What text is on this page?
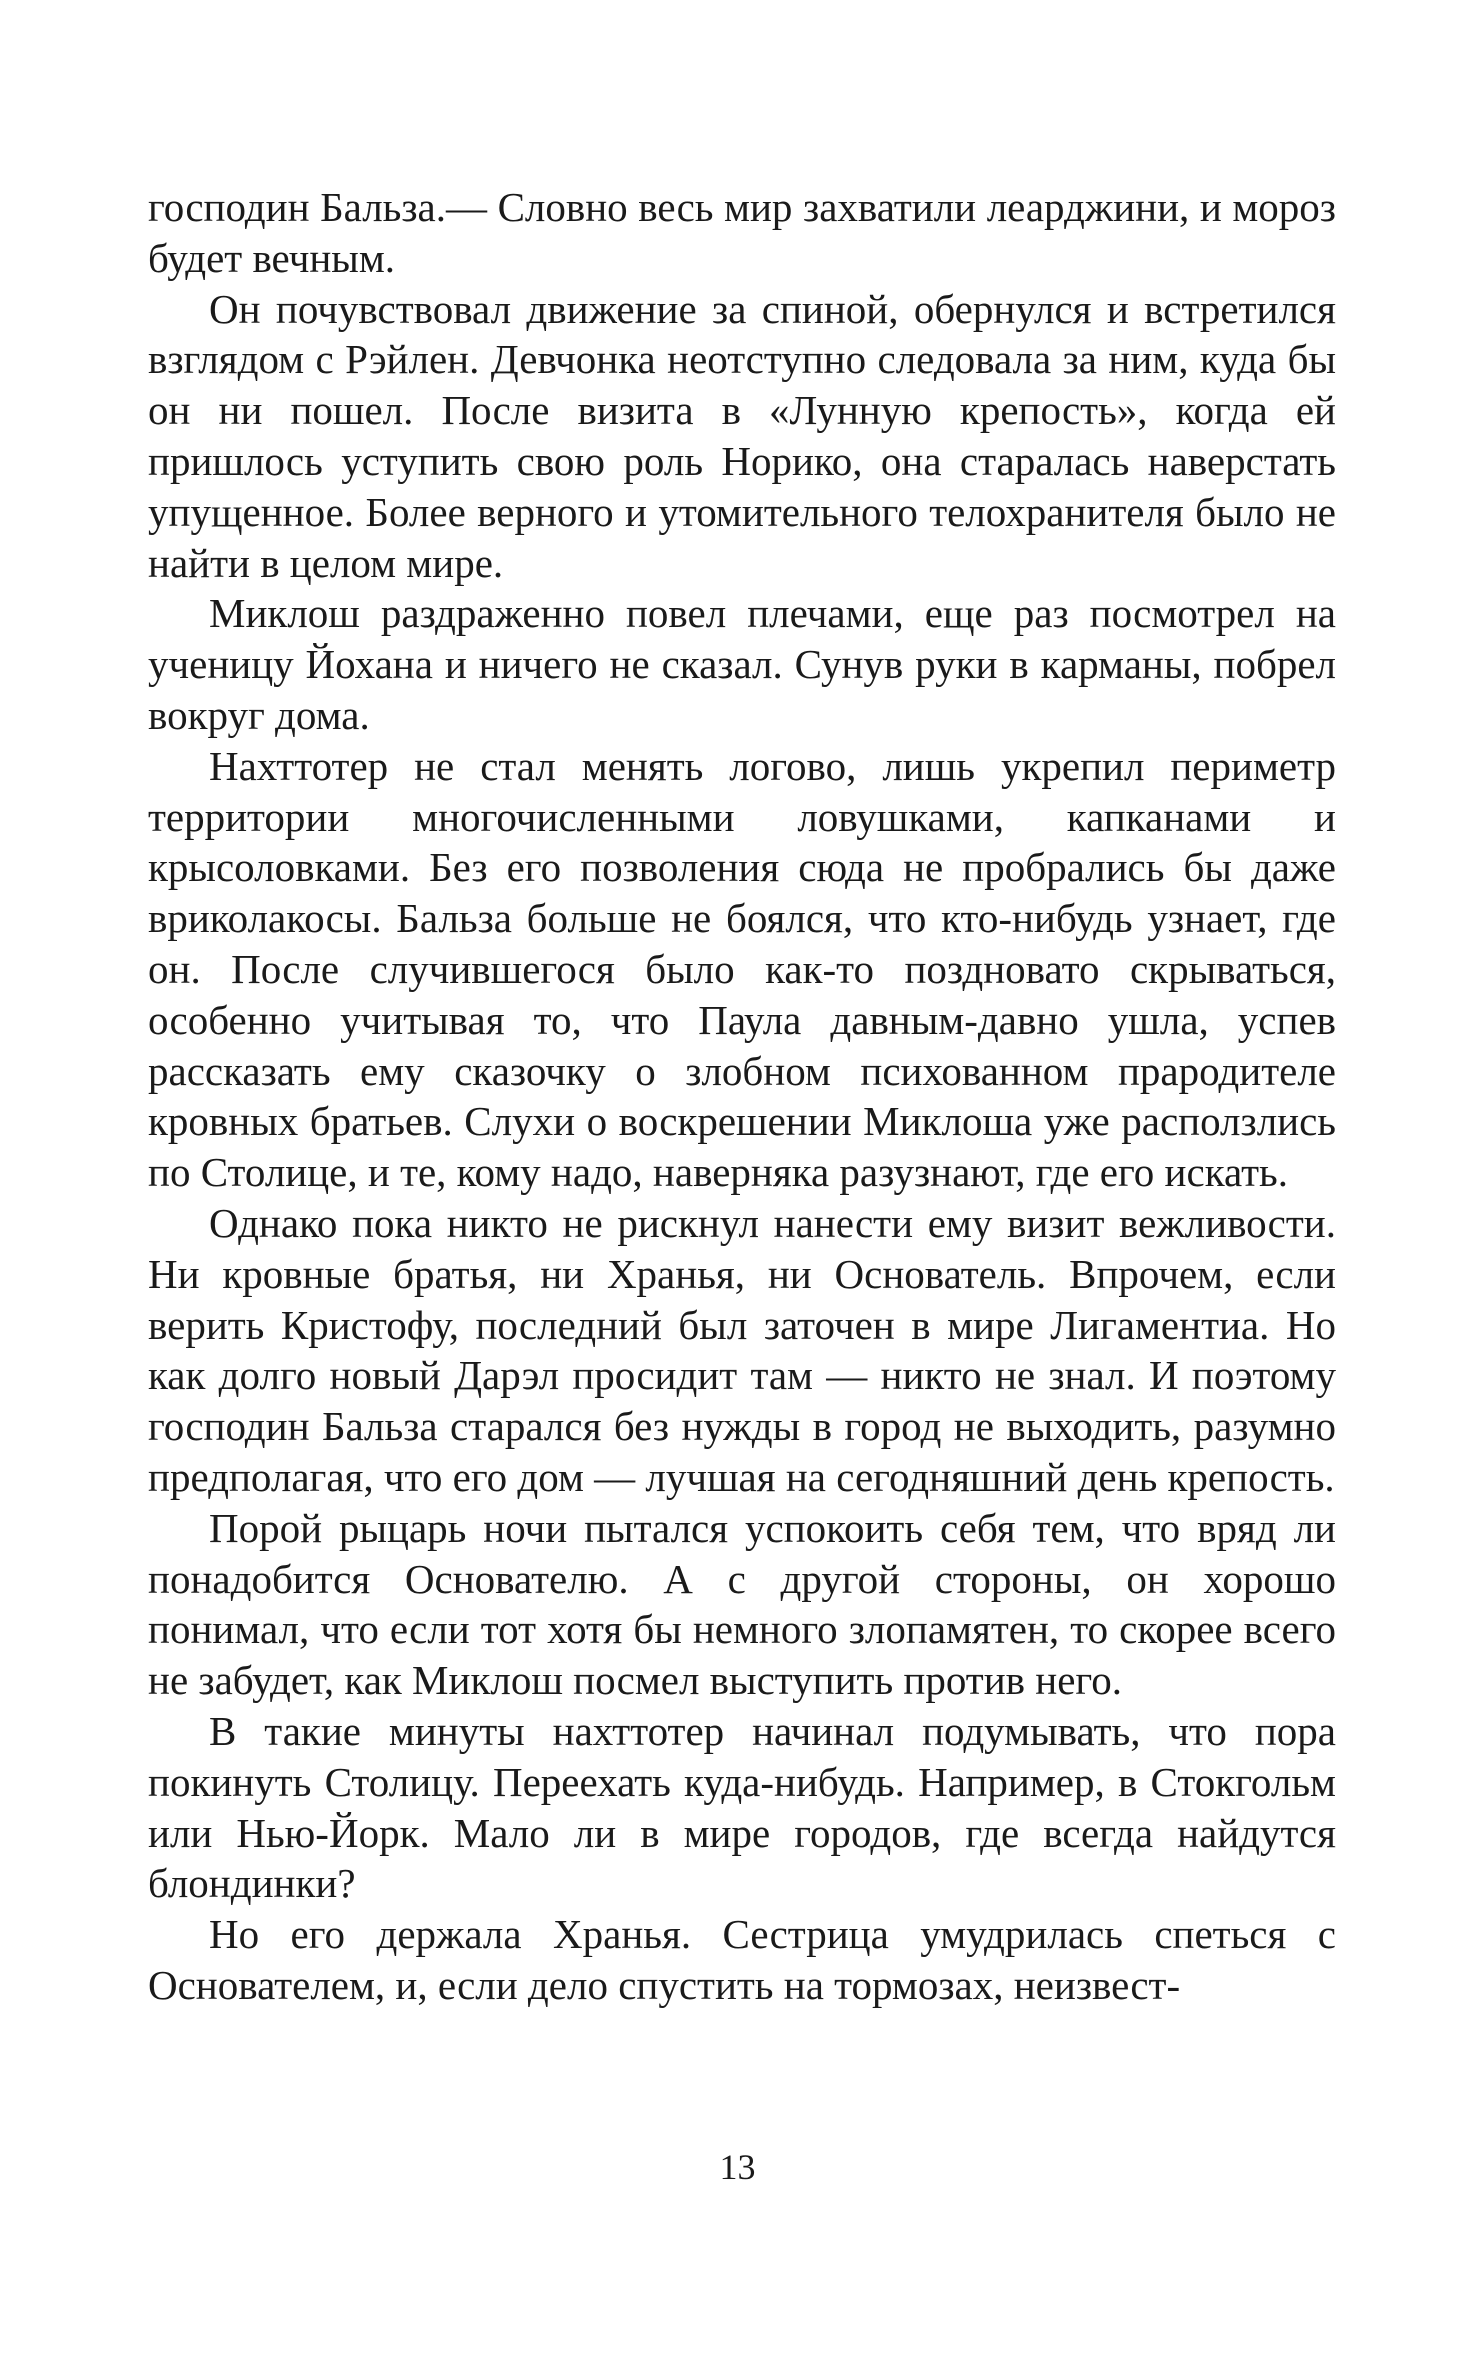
господин Бальза.— Словно весь мир захватили леарджини, и мороз будет вечным.

Он почувствовал движение за спиной, обернулся и встретился взглядом с Рэйлен. Девчонка неотступно следовала за ним, куда бы он ни пошел. После визита в «Лунную крепость», когда ей пришлось уступить свою роль Норико, она старалась наверстать упущенное. Более верного и утомительного телохранителя было не найти в целом мире.

Миклош раздраженно повел плечами, еще раз посмотрел на ученицу Йохана и ничего не сказал. Сунув руки в карманы, побрел вокруг дома.

Нахттотер не стал менять логово, лишь укрепил периметр территории многочисленными ловушками, капканами и крысоловками. Без его позволения сюда не пробрались бы даже вриколакосы. Бальза больше не боялся, что кто-нибудь узнает, где он. После случившегося было как-то поздновато скрываться, особенно учитывая то, что Паула давным-давно ушла, успев рассказать ему сказочку о злобном психованном прародителе кровных братьев. Слухи о воскрешении Миклоша уже расползлись по Столице, и те, кому надо, наверняка разузнают, где его искать.

Однако пока никто не рискнул нанести ему визит вежливости. Ни кровные братья, ни Хранья, ни Основатель. Впрочем, если верить Кристофу, последний был заточен в мире Лигаментиа. Но как долго новый Дарэл просидит там — никто не знал. И поэтому господин Бальза старался без нужды в город не выходить, разумно предполагая, что его дом — лучшая на сегодняшний день крепость.

Порой рыцарь ночи пытался успокоить себя тем, что вряд ли понадобится Основателю. А с другой стороны, он хорошо понимал, что если тот хотя бы немного злопамятен, то скорее всего не забудет, как Миклош посмел выступить против него.

В такие минуты нахттотер начинал подумывать, что пора покинуть Столицу. Переехать куда-нибудь. Например, в Стокгольм или Нью-Йорк. Мало ли в мире городов, где всегда найдутся блондинки?

Но его держала Хранья. Сестрица умудрилась спеться с Основателем, и, если дело спустить на тормозах, неизвест-

13
